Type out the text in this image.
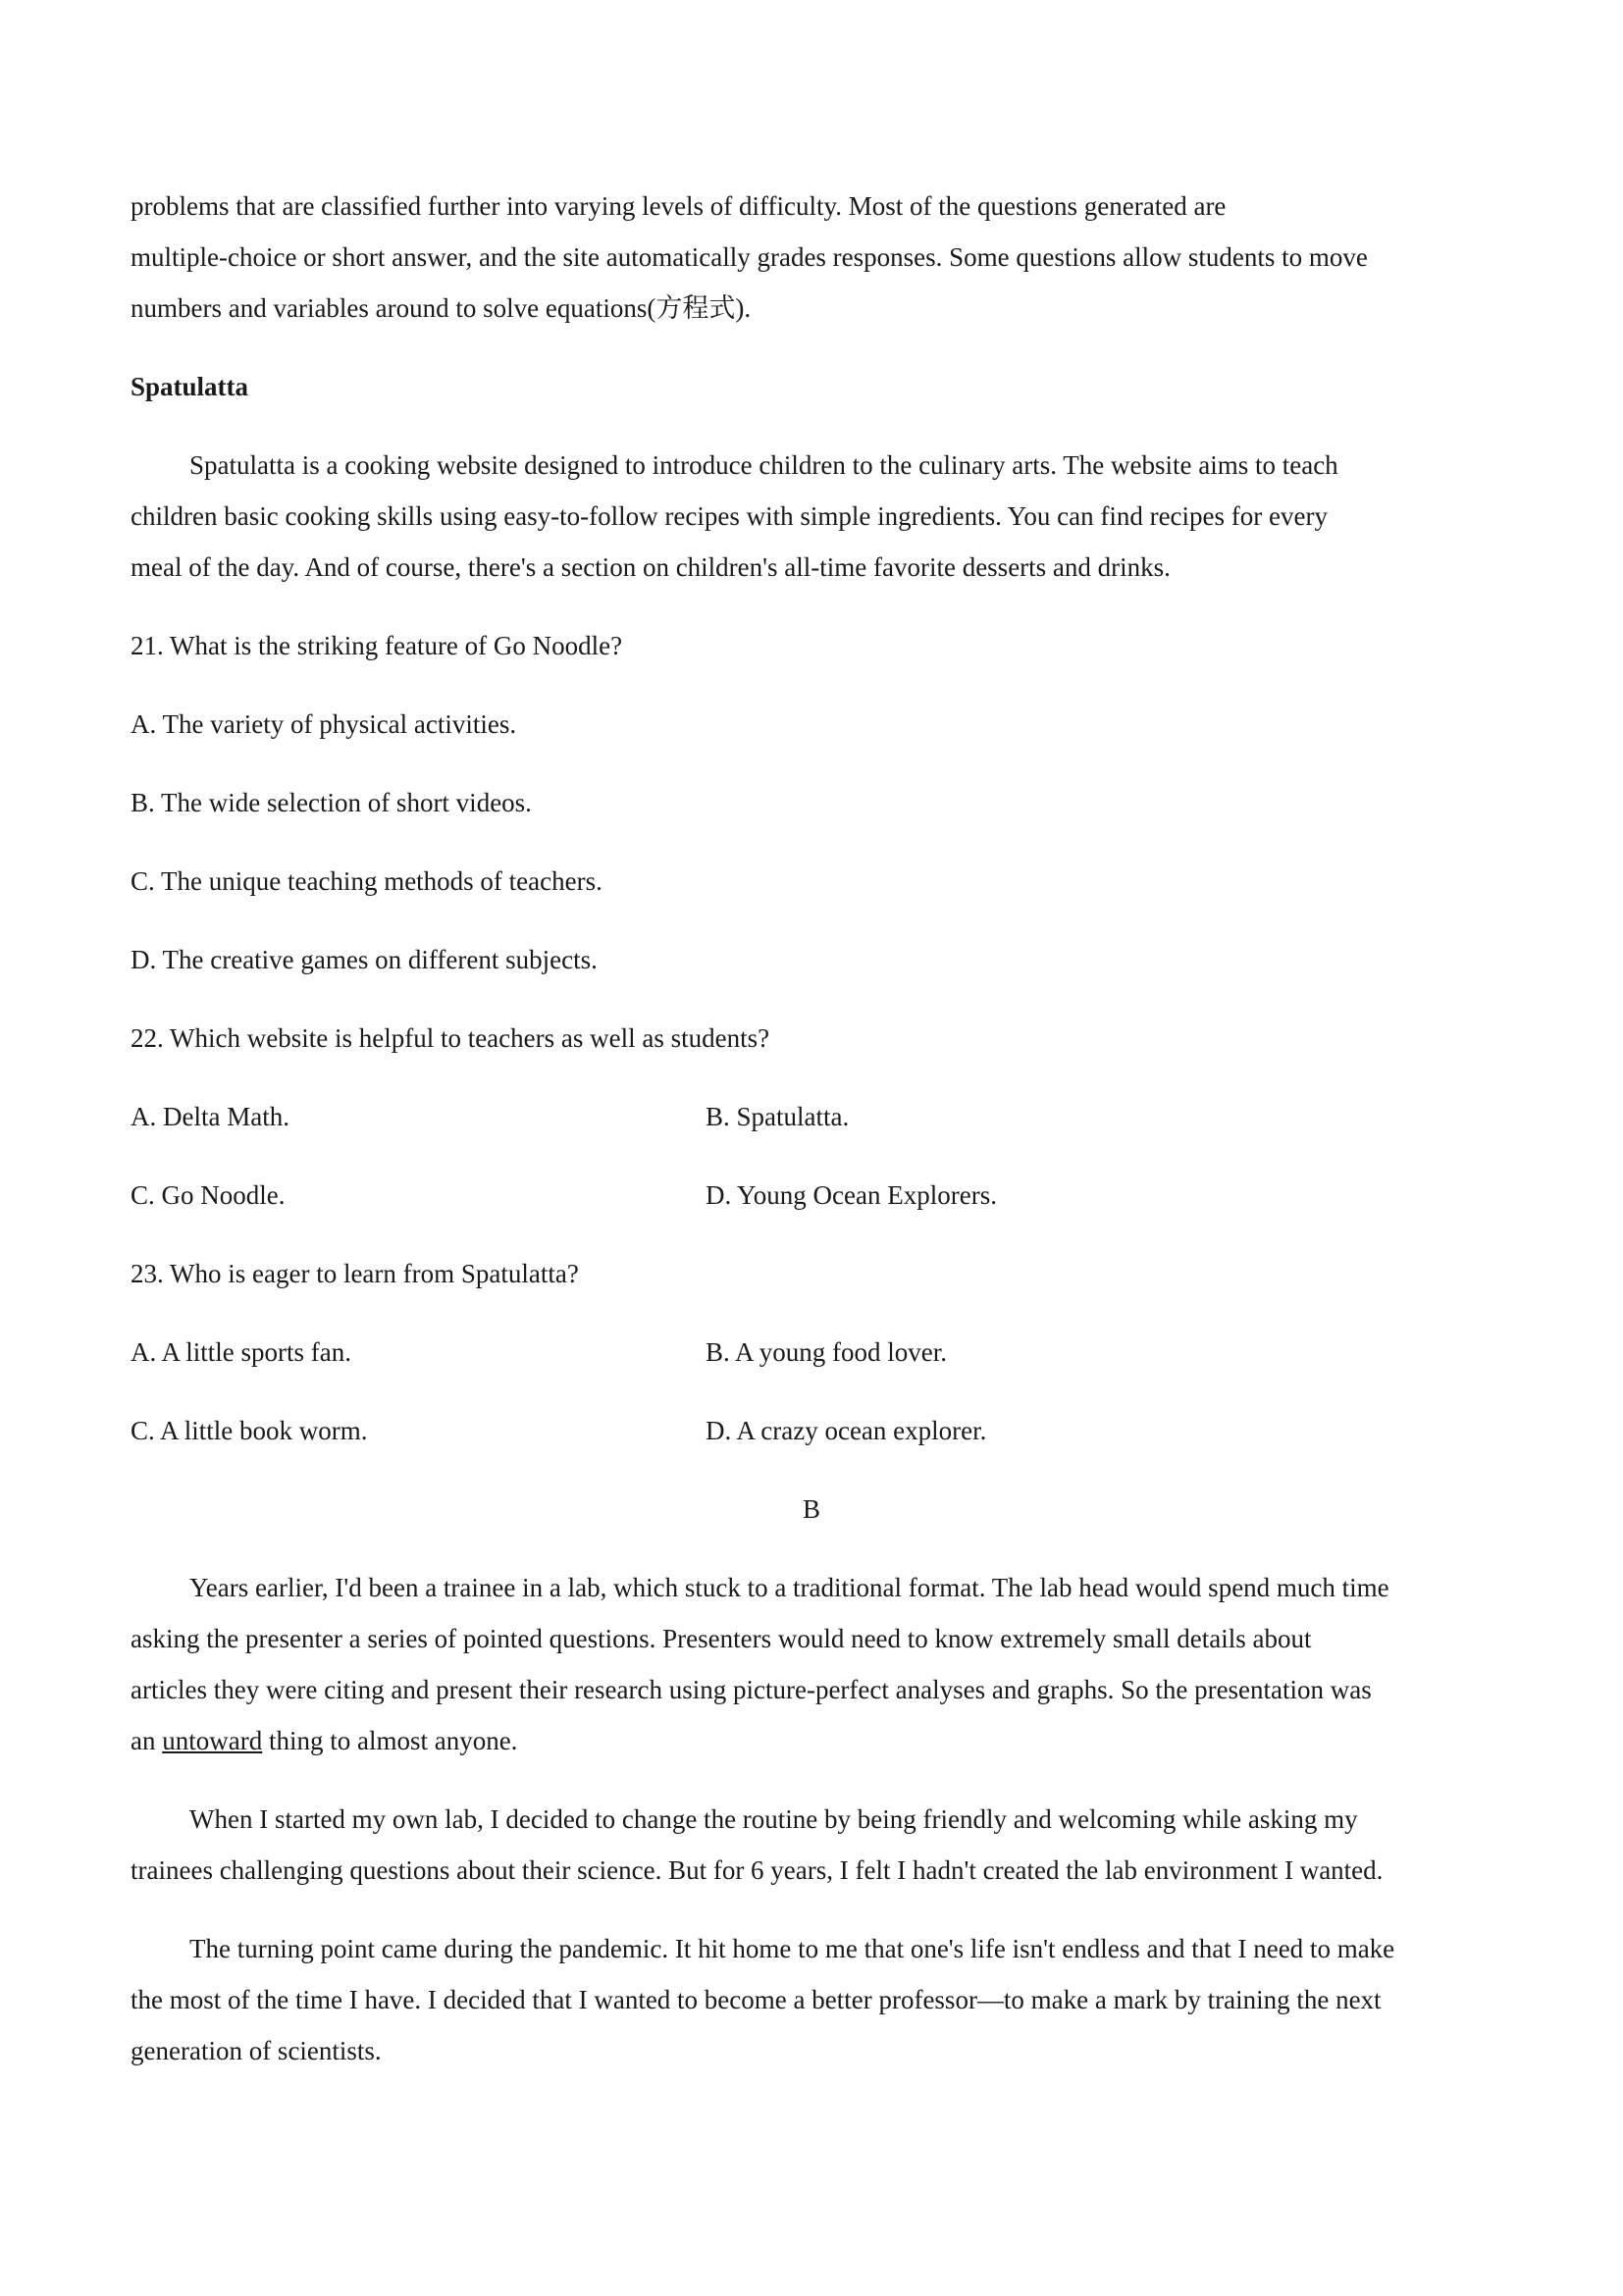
problems that are classified further into varying levels of difficulty. Most of the questions generated are
multiple-choice or short answer, and the site automatically grades responses. Some questions allow students to move
numbers and variables around to solve equations(方程式).
Spatulatta
Spatulatta is a cooking website designed to introduce children to the culinary arts. The website aims to teach
children basic cooking skills using easy-to-follow recipes with simple ingredients. You can find recipes for every
meal of the day. And of course, there's a section on children's all-time favorite desserts and drinks.
21. What is the striking feature of Go Noodle?
A. The variety of physical activities.
B. The wide selection of short videos.
C. The unique teaching methods of teachers.
D. The creative games on different subjects.
22. Which website is helpful to teachers as well as students?
A. Delta Math.	B. Spatulatta.
C. Go Noodle.	D. Young Ocean Explorers.
23. Who is eager to learn from Spatulatta?
A. A little sports fan.	B. A young food lover.
C. A little book worm.	D. A crazy ocean explorer.
B
Years earlier, I'd been a trainee in a lab, which stuck to a traditional format. The lab head would spend much time
asking the presenter a series of pointed questions. Presenters would need to know extremely small details about
articles they were citing and present their research using picture-perfect analyses and graphs. So the presentation was
an untoward thing to almost anyone.
When I started my own lab, I decided to change the routine by being friendly and welcoming while asking my
trainees challenging questions about their science. But for 6 years, I felt I hadn't created the lab environment I wanted.
The turning point came during the pandemic. It hit home to me that one's life isn't endless and that I need to make
the most of the time I have. I decided that I wanted to become a better professor—to make a mark by training the next
generation of scientists.
